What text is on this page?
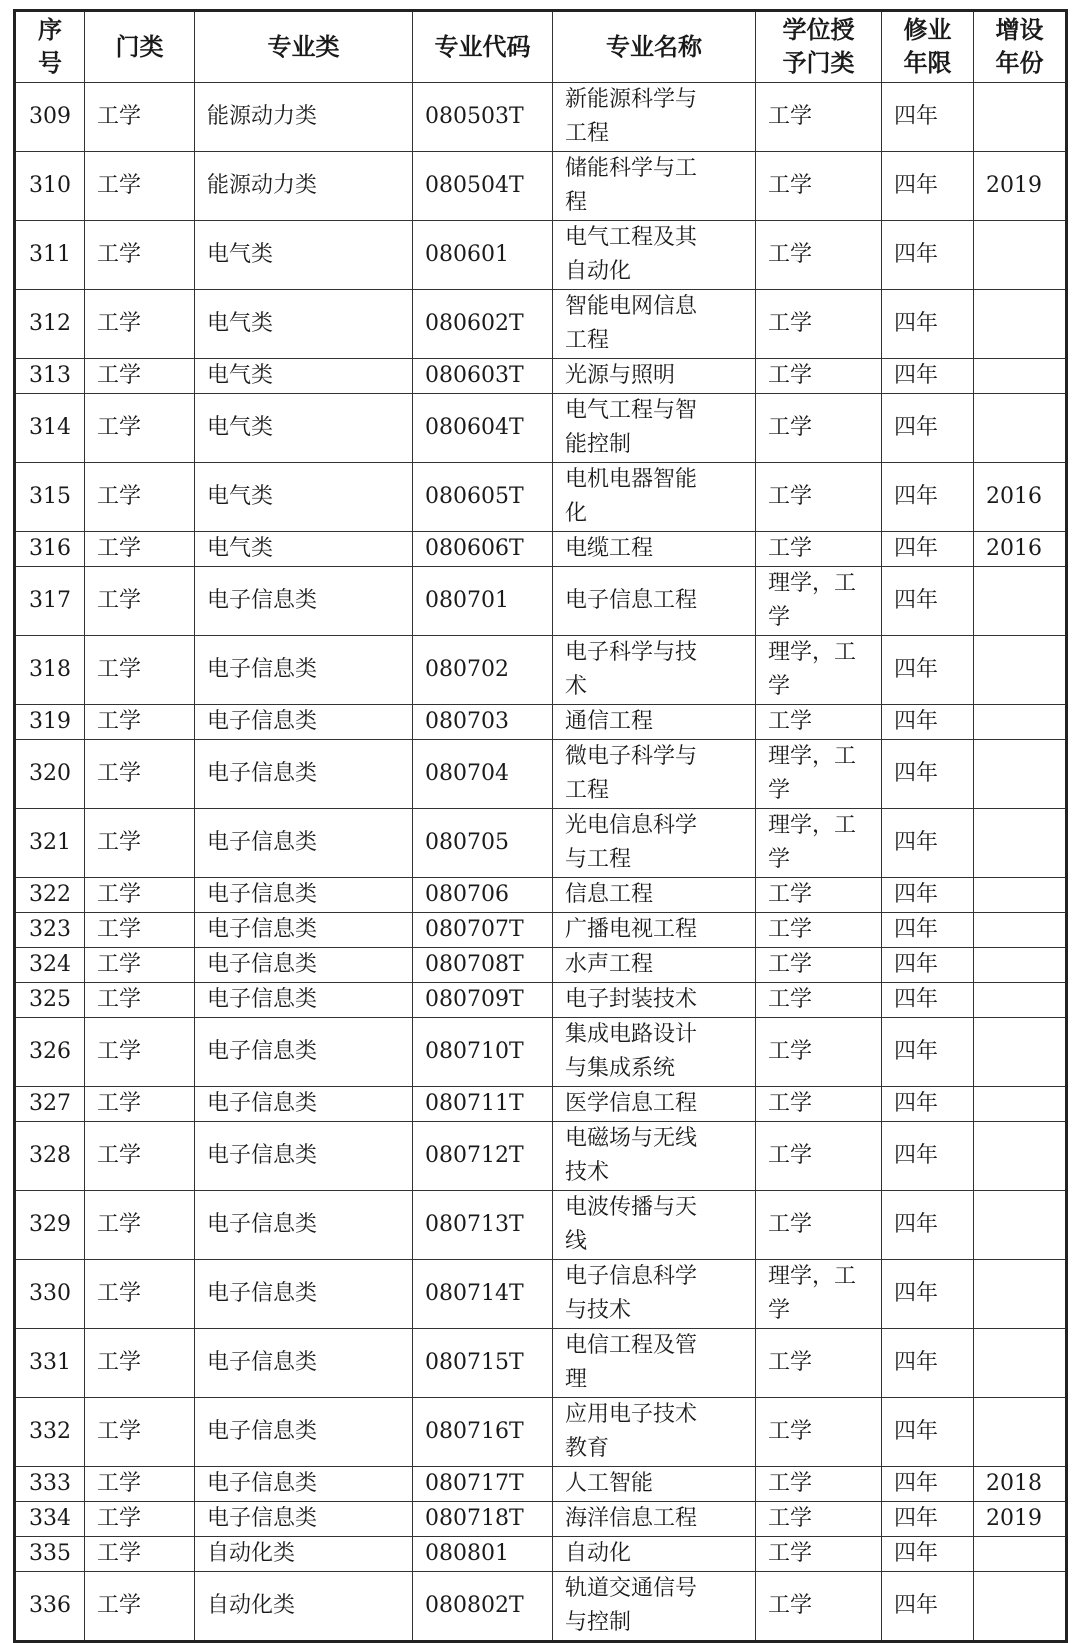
序号	门类	专业类	专业代码	专业名称	学位授予门类	修业年限	增设年份
309	工学	能源动力类	080503T	新能源科学与工程	工学	四年	
310	工学	能源动力类	080504T	储能科学与工程	工学	四年	2019
311	工学	电气类	080601	电气工程及其自动化	工学	四年	
312	工学	电气类	080602T	智能电网信息工程	工学	四年	
313	工学	电气类	080603T	光源与照明	工学	四年	
314	工学	电气类	080604T	电气工程与智能控制	工学	四年	
315	工学	电气类	080605T	电机电器智能化	工学	四年	2016
316	工学	电气类	080606T	电缆工程	工学	四年	2016
317	工学	电子信息类	080701	电子信息工程	理学，工学	四年	
318	工学	电子信息类	080702	电子科学与技术	理学，工学	四年	
319	工学	电子信息类	080703	通信工程	工学	四年	
320	工学	电子信息类	080704	微电子科学与工程	理学，工学	四年	
321	工学	电子信息类	080705	光电信息科学与工程	理学，工学	四年	
322	工学	电子信息类	080706	信息工程	工学	四年	
323	工学	电子信息类	080707T	广播电视工程	工学	四年	
324	工学	电子信息类	080708T	水声工程	工学	四年	
325	工学	电子信息类	080709T	电子封装技术	工学	四年	
326	工学	电子信息类	080710T	集成电路设计与集成系统	工学	四年	
327	工学	电子信息类	080711T	医学信息工程	工学	四年	
328	工学	电子信息类	080712T	电磁场与无线技术	工学	四年	
329	工学	电子信息类	080713T	电波传播与天线	工学	四年	
330	工学	电子信息类	080714T	电子信息科学与技术	理学，工学	四年	
331	工学	电子信息类	080715T	电信工程及管理	工学	四年	
332	工学	电子信息类	080716T	应用电子技术教育	工学	四年	
333	工学	电子信息类	080717T	人工智能	工学	四年	2018
334	工学	电子信息类	080718T	海洋信息工程	工学	四年	2019
335	工学	自动化类	080801	自动化	工学	四年	
336	工学	自动化类	080802T	轨道交通信号与控制	工学	四年	
